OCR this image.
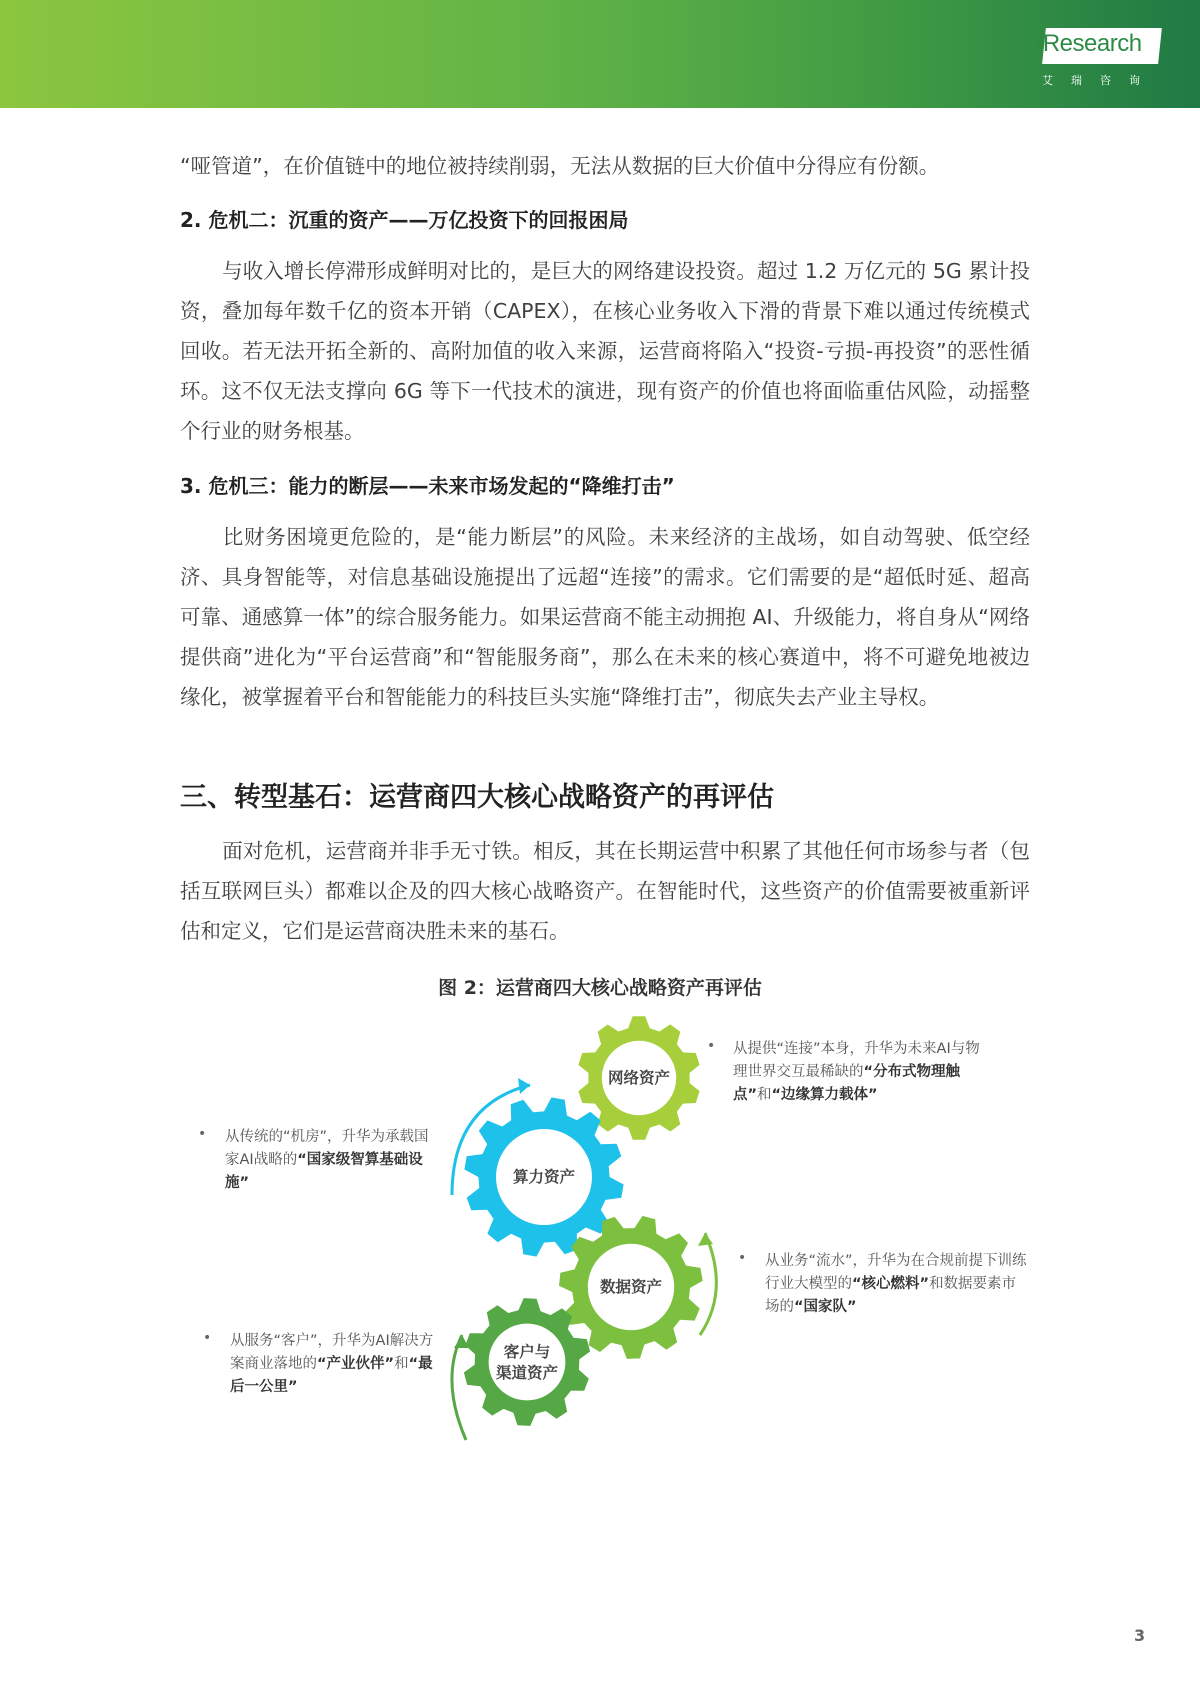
iResearch
艾瑞咨询
“哑管道”，在价值链中的地位被持续削弱，无法从数据的巨大价值中分得应有份额。
2. 危机二：沉重的资产——万亿投资下的回报困局
与收入增长停滞形成鲜明对比的，是巨大的网络建设投资。超过 1.2 万亿元的 5G 累计投资，叠加每年数千亿的资本开销（CAPEX），在核心业务收入下滑的背景下难以通过传统模式回收。若无法开拓全新的、高附加值的收入来源，运营商将陷入“投资-亏损-再投资”的恶性循环。这不仅无法支撑向 6G 等下一代技术的演进，现有资产的价值也将面临重估风险，动摇整个行业的财务根基。
3. 危机三：能力的断层——未来市场发起的“降维打击”
比财务困境更危险的，是“能力断层”的风险。未来经济的主战场，如自动驾驶、低空经济、具身智能等，对信息基础设施提出了远超“连接”的需求。它们需要的是“超低时延、超高可靠、通感算一体”的综合服务能力。如果运营商不能主动拥抱 AI、升级能力，将自身从“网络提供商”进化为“平台运营商”和“智能服务商”，那么在未来的核心赛道中，将不可避免地被边缘化，被掌握着平台和智能能力的科技巨头实施“降维打击”，彻底失去产业主导权。
三、转型基石：运营商四大核心战略资产的再评估
面对危机，运营商并非手无寸铁。相反，其在长期运营中积累了其他任何市场参与者（包括互联网巨头）都难以企及的四大核心战略资产。在智能时代，这些资产的价值需要被重新评估和定义，它们是运营商决胜未来的基石。
图 2：运营商四大核心战略资产再评估
网络资产
算力资产
数据资产
客户与
渠道资产
• 从提供“连接”本身，升华为未来AI与物理世界交互最稀缺的“分布式物理触点”和“边缘算力载体”
• 从传统的“机房”，升华为承载国家AI战略的“国家级智算基础设施”
• 从业务“流水”，升华为在合规前提下训练行业大模型的“核心燃料”和数据要素市场的“国家队”
• 从服务“客户”，升华为AI解决方案商业落地的“产业伙伴”和“最后一公里”
3
